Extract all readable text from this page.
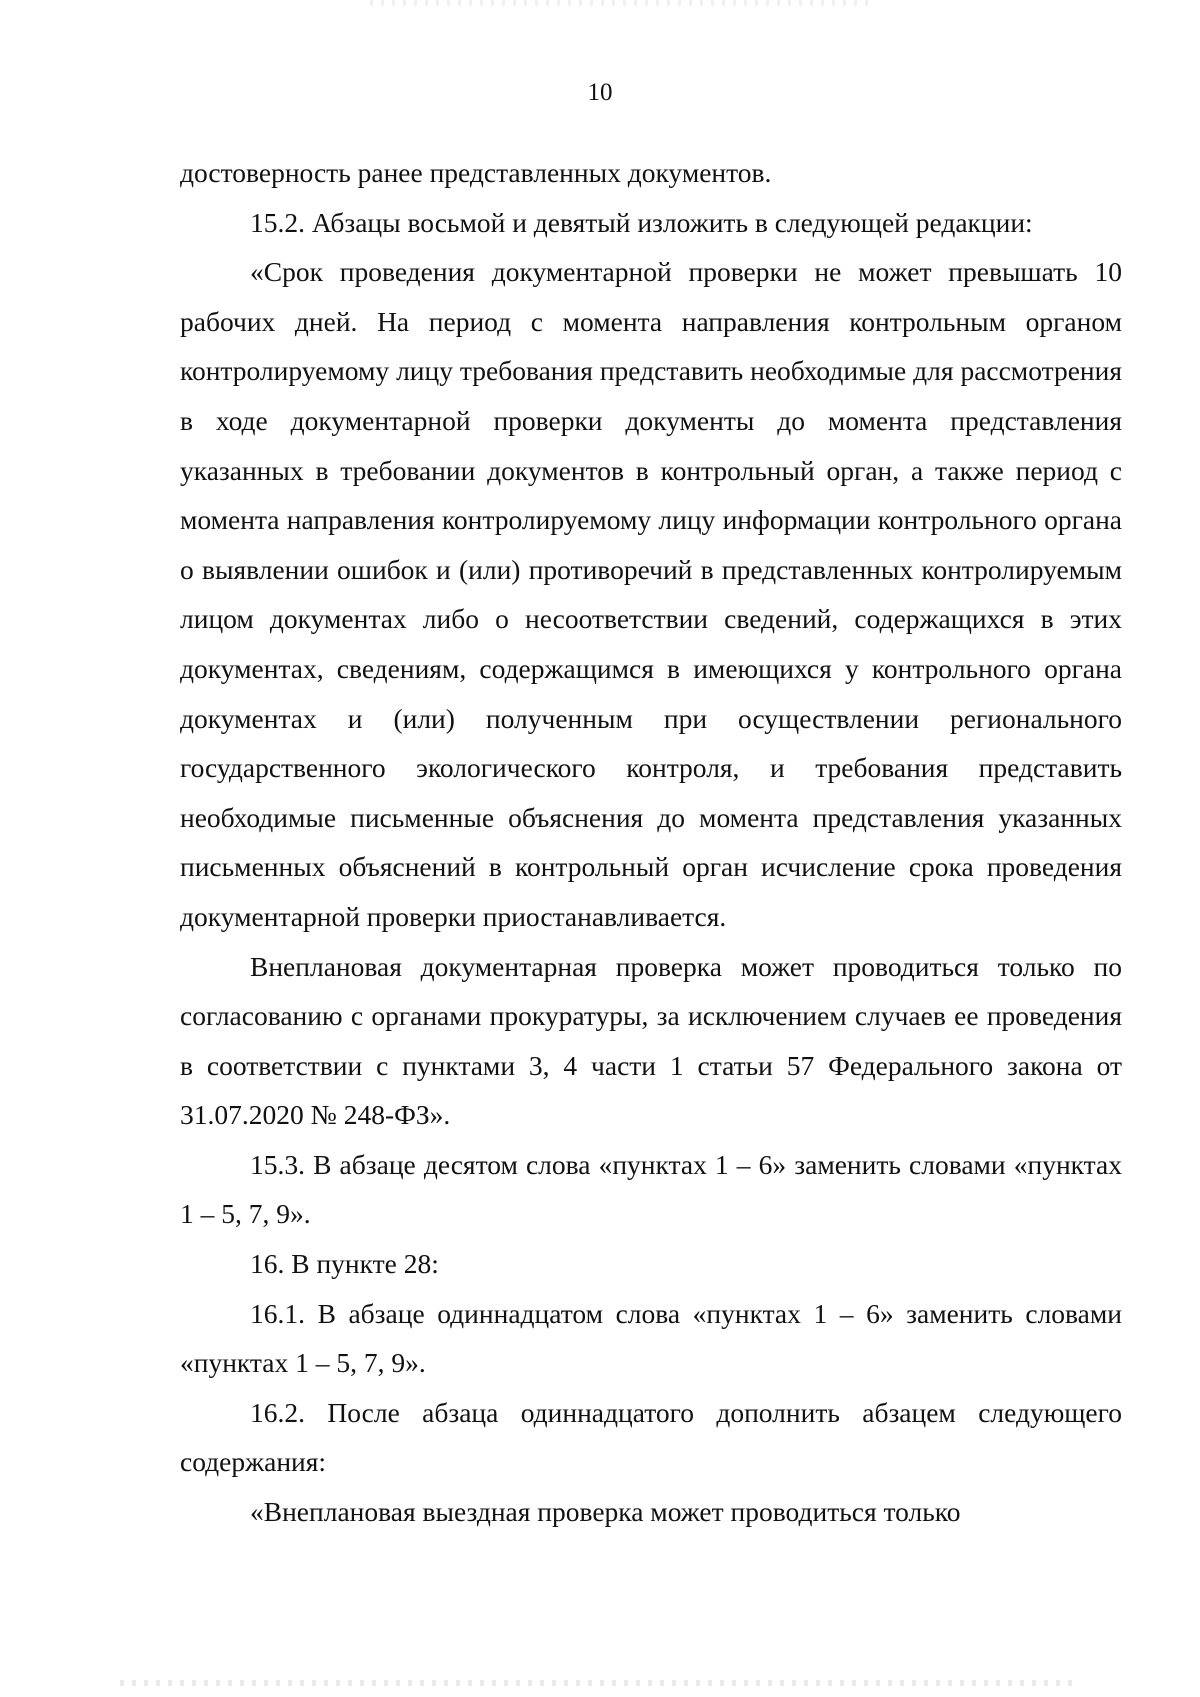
10

достоверность ранее представленных документов.

15.2. Абзацы восьмой и девятый изложить в следующей редакции:

«Срок проведения документарной проверки не может превышать 10 рабочих дней. На период с момента направления контрольным органом контролируемому лицу требования представить необходимые для рассмотрения в ходе документарной проверки документы до момента представления указанных в требовании документов в контрольный орган, а также период с момента направления контролируемому лицу информации контрольного органа о выявлении ошибок и (или) противоречий в представленных контролируемым лицом документах либо о несоответствии сведений, содержащихся в этих документах, сведениям, содержащимся в имеющихся у контрольного органа документах и (или) полученным при осуществлении регионального государственного экологического контроля, и требования представить необходимые письменные объяснения до момента представления указанных письменных объяснений в контрольный орган исчисление срока проведения документарной проверки приостанавливается.

Внеплановая документарная проверка может проводиться только по согласованию с органами прокуратуры, за исключением случаев ее проведения в соответствии с пунктами 3, 4 части 1 статьи 57 Федерального закона от 31.07.2020 № 248-ФЗ».

15.3. В абзаце десятом слова «пунктах 1 – 6» заменить словами «пунктах 1 – 5, 7, 9».

16. В пункте 28:

16.1. В абзаце одиннадцатом слова «пунктах 1 – 6» заменить словами «пунктах 1 – 5, 7, 9».

16.2. После абзаца одиннадцатого дополнить абзацем следующего содержания:

«Внеплановая выездная проверка может проводиться только
